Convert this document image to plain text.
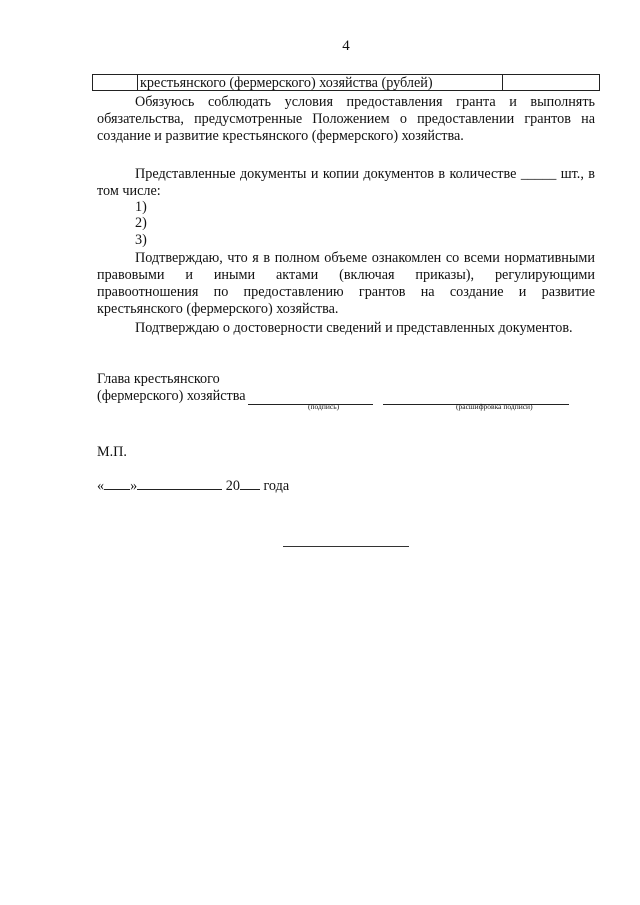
4
крестьянского (фермерского) хозяйства (рублей)
Обязуюсь соблюдать условия предоставления гранта и выполнять обязательства, предусмотренные Положением о предоставлении грантов на создание и развитие крестьянского (фермерского) хозяйства.
Представленные документы и копии документов в количестве _____ шт., в том числе:
1)
2)
3)
Подтверждаю, что я в полном объеме ознакомлен со всеми нормативными правовыми и иными актами (включая приказы), регулирующими правоотношения по предоставлению грантов на создание и развитие крестьянского (фермерского) хозяйства.
Подтверждаю о достоверности сведений и представленных документов.
Глава крестьянского
(фермерского) хозяйства
(подпись)	(расшифровка подписи)
М.П.
« »	20 года
